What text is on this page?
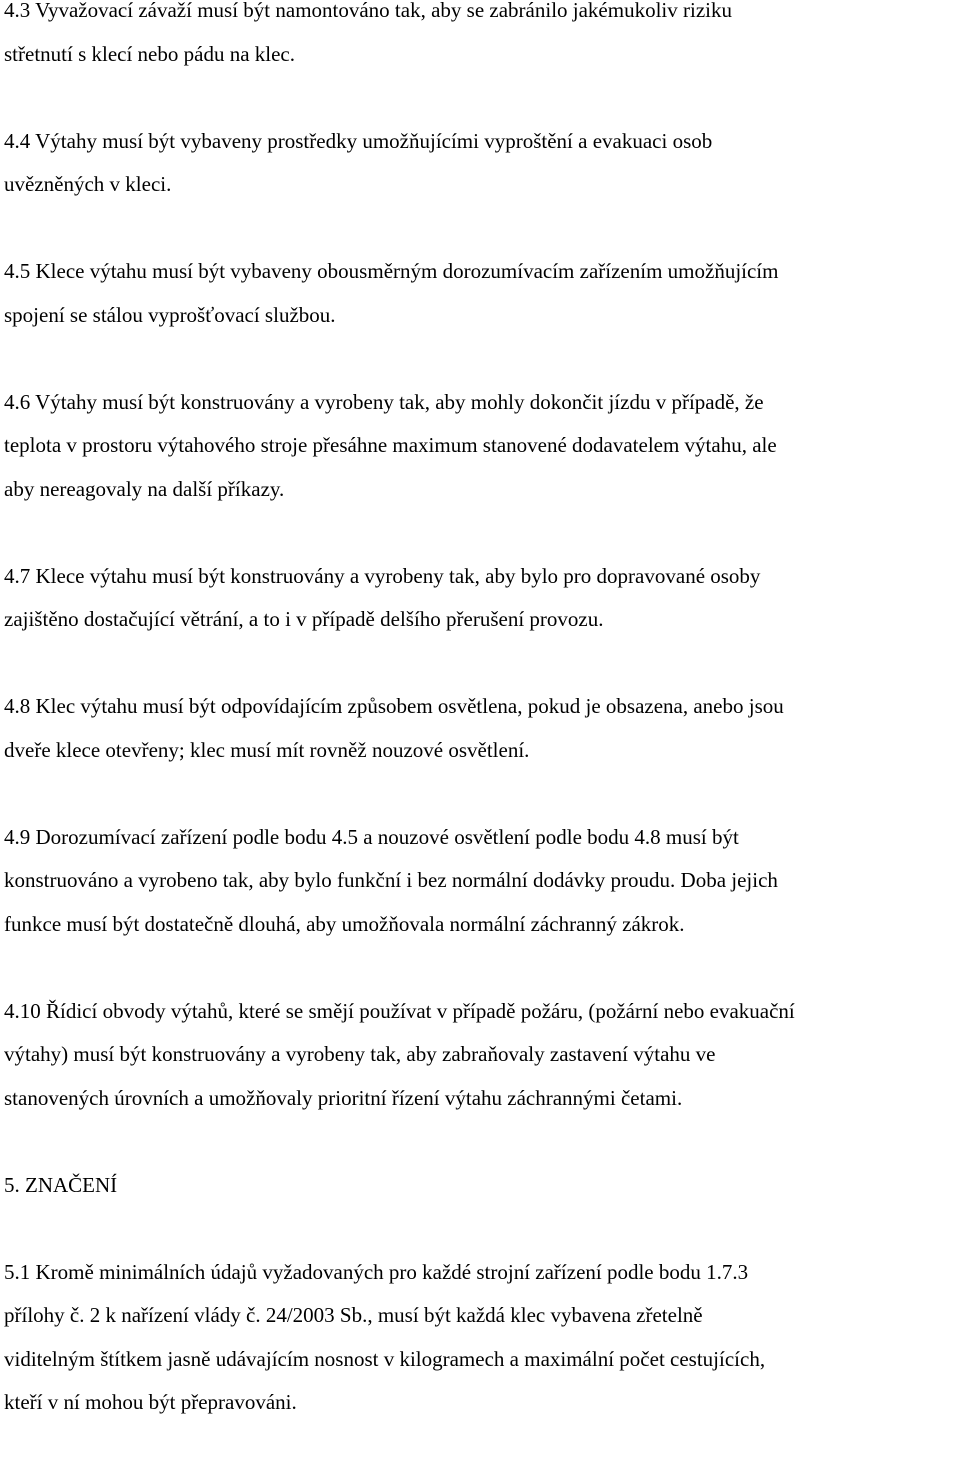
4.3 Vyvažovací závaží musí být namontováno tak, aby se zabránilo jakémukoliv riziku
střetnutí s klecí nebo pádu na klec.
4.4 Výtahy musí být vybaveny prostředky umožňujícími vyproštění a evakuaci osob
uvězněných v kleci.
4.5 Klece výtahu musí být vybaveny obousměrným dorozumívacím zařízením umožňujícím
spojení se stálou vyprošťovací službou.
4.6 Výtahy musí být konstruovány a vyrobeny tak, aby mohly dokončit jízdu v případě, že
teplota v prostoru výtahového stroje přesáhne maximum stanovené dodavatelem výtahu, ale
aby nereagovaly na další příkazy.
4.7 Klece výtahu musí být konstruovány a vyrobeny tak, aby bylo pro dopravované osoby
zajištěno dostačující větrání, a to i v případě delšího přerušení provozu.
4.8 Klec výtahu musí být odpovídajícím způsobem osvětlena, pokud je obsazena, anebo jsou
dveře klece otevřeny; klec musí mít rovněž nouzové osvětlení.
4.9 Dorozumívací zařízení podle bodu 4.5 a nouzové osvětlení podle bodu 4.8 musí být
konstruováno a vyrobeno tak, aby bylo funkční i bez normální dodávky proudu. Doba jejich
funkce musí být dostatečně dlouhá, aby umožňovala normální záchranný zákrok.
4.10 Řídicí obvody výtahů, které se smějí používat v případě požáru, (požární nebo evakuační
výtahy) musí být konstruovány a vyrobeny tak, aby zabraňovaly zastavení výtahu ve
stanovených úrovních a umožňovaly prioritní řízení výtahu záchrannými četami.
5. ZNAČENÍ
5.1 Kromě minimálních údajů vyžadovaných pro každé strojní zařízení podle bodu 1.7.3
přílohy č. 2 k nařízení vlády č. 24/2003 Sb., musí být každá klec vybavena zřetelně
viditelným štítkem jasně udávajícím nosnost v kilogramech a maximální počet cestujících,
kteří v ní mohou být přepravováni.
